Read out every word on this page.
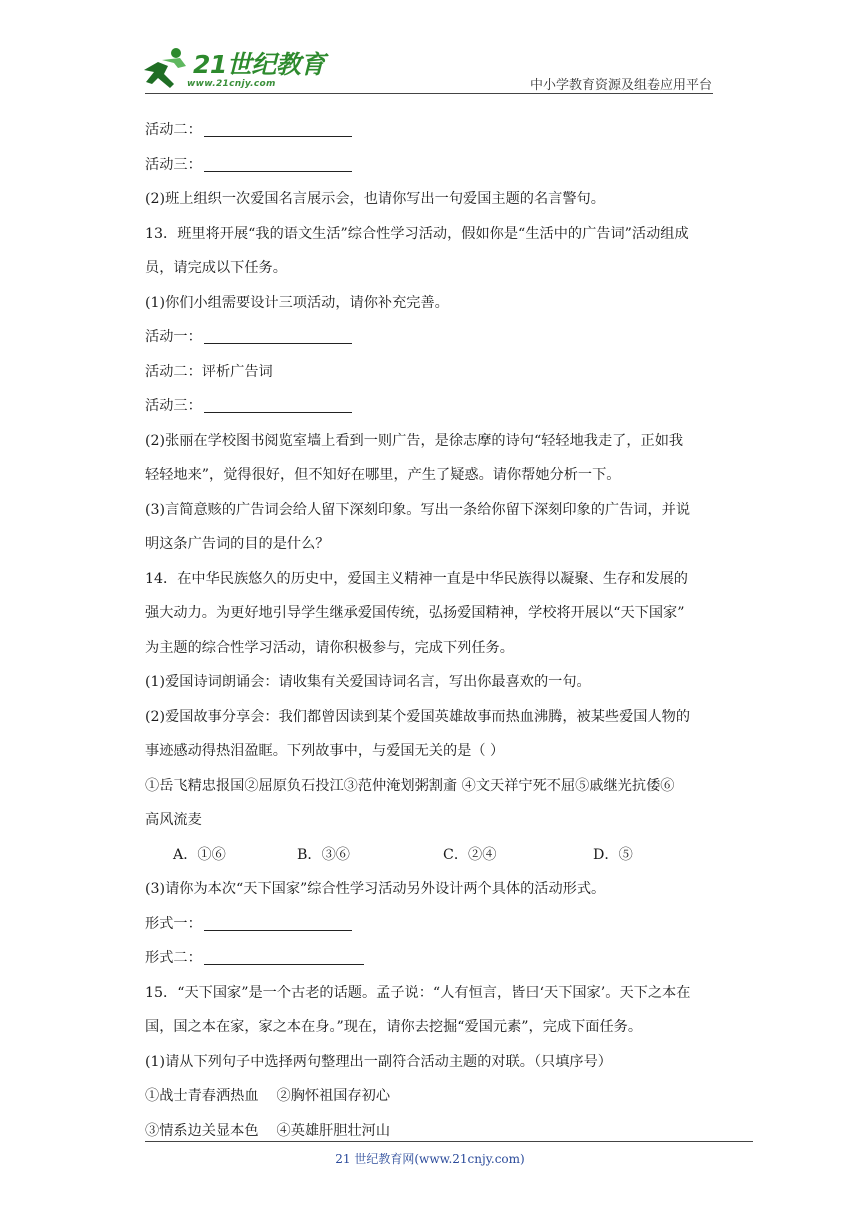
21世纪教育
www.21cnjy.com	中小学教育资源及组卷应用平台
活动二：
活动三：
(2)班上组织一次爱国名言展示会，也请你写出一句爱国主题的名言警句。
13．班里将开展“我的语文生活”综合性学习活动，假如你是“生活中的广告词”活动组成
员，请完成以下任务。
(1)你们小组需要设计三项活动，请你补充完善。
活动一：
活动二：评析广告词
活动三：
(2)张丽在学校图书阅览室墙上看到一则广告，是徐志摩的诗句“轻轻地我走了，正如我
轻轻地来”，觉得很好，但不知好在哪里，产生了疑惑。请你帮她分析一下。
(3)言简意赅的广告词会给人留下深刻印象。写出一条给你留下深刻印象的广告词，并说
明这条广告词的目的是什么？
14．在中华民族悠久的历史中，爱国主义精神一直是中华民族得以凝聚、生存和发展的
强大动力。为更好地引导学生继承爱国传统，弘扬爱国精神，学校将开展以“天下国家”
为主题的综合性学习活动，请你积极参与，完成下列任务。
(1)爱国诗词朗诵会：请收集有关爱国诗词名言，写出你最喜欢的一句。
(2)爱国故事分享会：我们都曾因读到某个爱国英雄故事而热血沸腾，被某些爱国人物的
事迹感动得热泪盈眶。下列故事中，与爱国无关的是（ ）
①岳飞精忠报国②屈原负石投江③范仲淹划粥割齑 ④文天祥宁死不屈⑤戚继光抗倭⑥
高风流麦
A．①⑥	B．③⑥	C．②④	D．⑤
(3)请你为本次“天下国家”综合性学习活动另外设计两个具体的活动形式。
形式一：
形式二：
15．“天下国家”是一个古老的话题。孟子说：“人有恒言，皆曰‘天下国家’。天下之本在
国，国之本在家，家之本在身。”现在，请你去挖掘“爱国元素”，完成下面任务。
(1)请从下列句子中选择两句整理出一副符合活动主题的对联。（只填序号）
①战士青春洒热血    ②胸怀祖国存初心
③情系边关显本色    ④英雄肝胆壮河山
21 世纪教育网(www.21cnjy.com)
